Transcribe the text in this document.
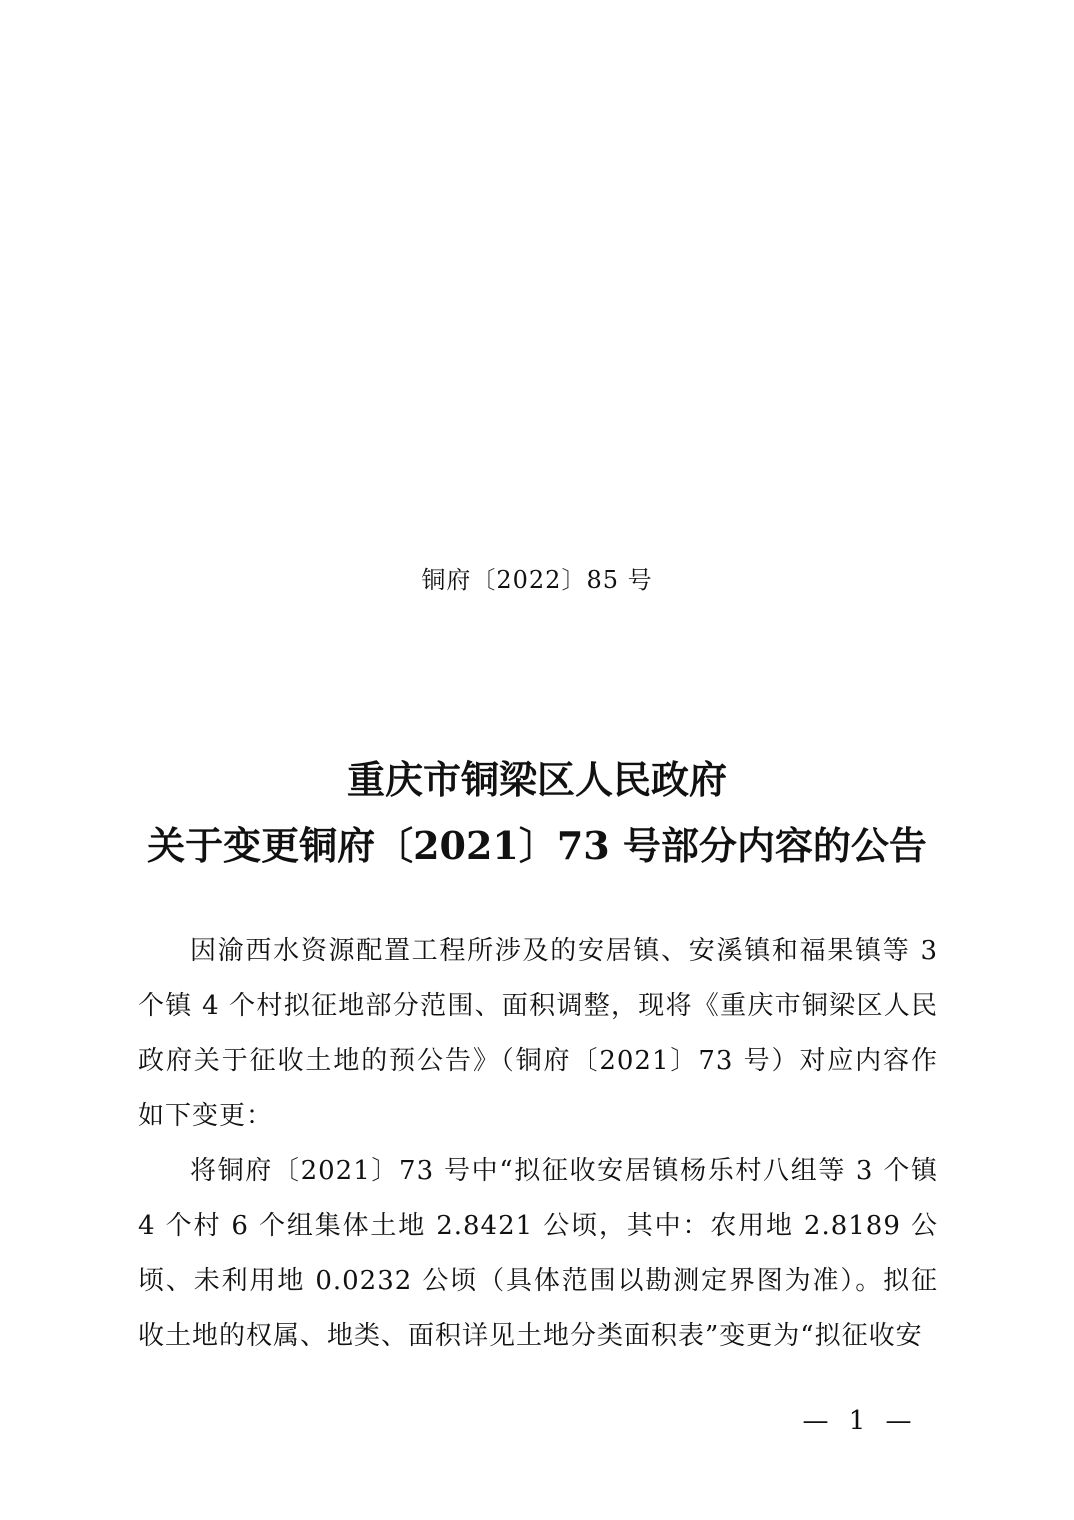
铜府〔2022〕85 号
重庆市铜梁区人民政府
关于变更铜府〔2021〕73 号部分内容的公告

因渝西水资源配置工程所涉及的安居镇、安溪镇和福果镇等 3 个镇 4 个村拟征地部分范围、面积调整，现将《重庆市铜梁区人民政府关于征收土地的预公告》（铜府〔2021〕73 号）对应内容作如下变更：

将铜府〔2021〕73 号中“拟征收安居镇杨乐村八组等 3 个镇 4 个村 6 个组集体土地 2.8421 公顷，其中：农用地 2.8189 公顷、未利用地 0.0232 公顷（具体范围以勘测定界图为准）。拟征收土地的权属、地类、面积详见土地分类面积表”变更为“拟征收安

— 1 —
